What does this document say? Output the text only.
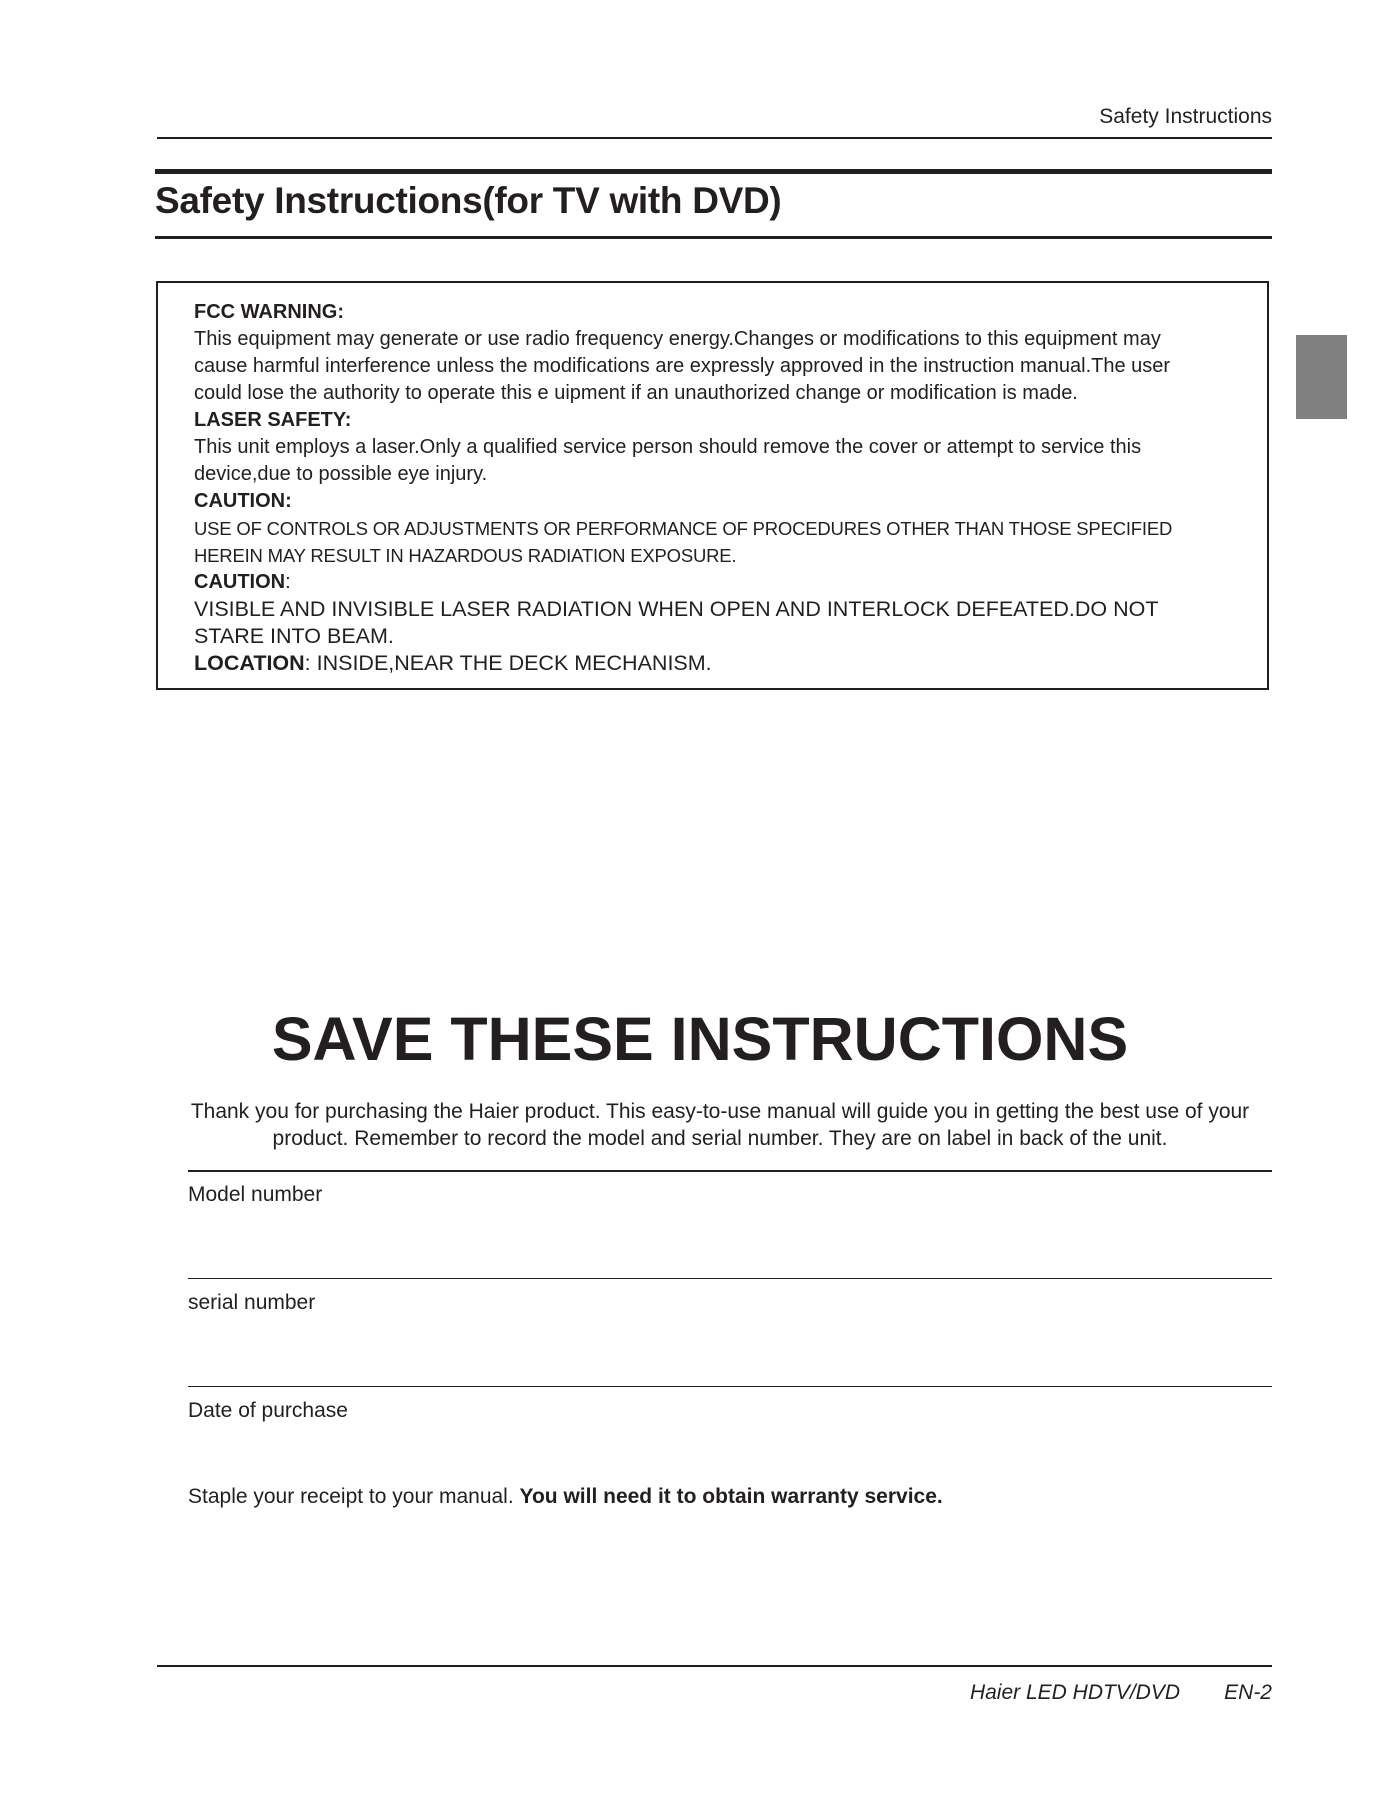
Safety Instructions
Safety Instructions(for TV with DVD)
FCC WARNING:
This equipment may generate or use radio frequency energy.Changes or modifications to this equipment may
cause harmful interference unless the modifications are expressly approved in the instruction manual.The user
could lose the authority to operate this e uipment if an unauthorized change or modification is made.
LASER SAFETY:
This unit employs a laser.Only a qualified service person should remove the cover or attempt to service this
device,due to possible eye injury.
CAUTION:
USE OF CONTROLS OR ADJUSTMENTS OR PERFORMANCE OF PROCEDURES OTHER THAN THOSE SPECIFIED
HEREIN MAY RESULT IN HAZARDOUS RADIATION EXPOSURE.
CAUTION:
VISIBLE AND INVISIBLE LASER RADIATION WHEN OPEN AND INTERLOCK DEFEATED.DO NOT
STARE INTO BEAM.
LOCATION: INSIDE,NEAR THE DECK MECHANISM.
SAVE THESE INSTRUCTIONS
Thank you for purchasing the Haier product. This easy-to-use manual will guide you in getting the best use of your
product. Remember to record the model and serial number. They are on label in back of the unit.
Model number
serial number
Date of purchase
Staple your receipt to your manual. You will need it to obtain warranty service.
Haier LED HDTV/DVD EN-2
